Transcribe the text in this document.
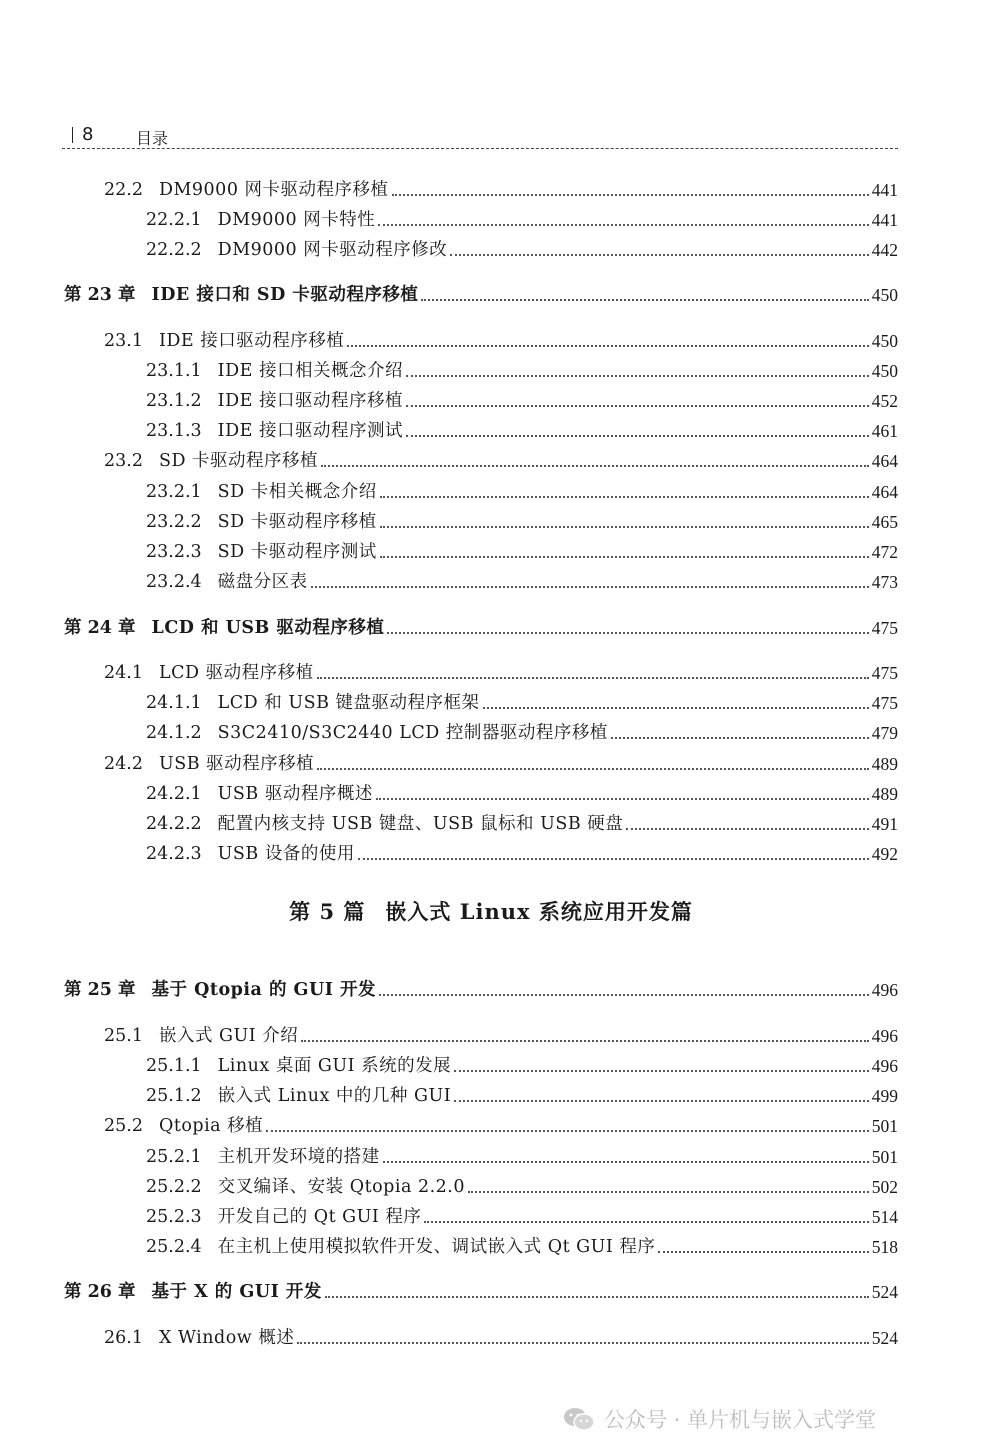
8	目录
22.2 DM9000 网卡驱动程序移植	441
22.2.1 DM9000 网卡特性	441
22.2.2 DM9000 网卡驱动程序修改	442
第 23 章 IDE 接口和 SD 卡驱动程序移植	450
23.1 IDE 接口驱动程序移植	450
23.1.1 IDE 接口相关概念介绍	450
23.1.2 IDE 接口驱动程序移植	452
23.1.3 IDE 接口驱动程序测试	461
23.2 SD 卡驱动程序移植	464
23.2.1 SD 卡相关概念介绍	464
23.2.2 SD 卡驱动程序移植	465
23.2.3 SD 卡驱动程序测试	472
23.2.4 磁盘分区表	473
第 24 章 LCD 和 USB 驱动程序移植	475
24.1 LCD 驱动程序移植	475
24.1.1 LCD 和 USB 键盘驱动程序框架	475
24.1.2 S3C2410/S3C2440 LCD 控制器驱动程序移植	479
24.2 USB 驱动程序移植	489
24.2.1 USB 驱动程序概述	489
24.2.2 配置内核支持 USB 键盘、USB 鼠标和 USB 硬盘	491
24.2.3 USB 设备的使用	492
第 5 篇 嵌入式 Linux 系统应用开发篇
第 25 章 基于 Qtopia 的 GUI 开发	496
25.1 嵌入式 GUI 介绍	496
25.1.1 Linux 桌面 GUI 系统的发展	496
25.1.2 嵌入式 Linux 中的几种 GUI	499
25.2 Qtopia 移植	501
25.2.1 主机开发环境的搭建	501
25.2.2 交叉编译、安装 Qtopia 2.2.0	502
25.2.3 开发自己的 Qt GUI 程序	514
25.2.4 在主机上使用模拟软件开发、调试嵌入式 Qt GUI 程序	518
第 26 章 基于 X 的 GUI 开发	524
26.1 X Window 概述	524
公众号 · 单片机与嵌入式学堂
